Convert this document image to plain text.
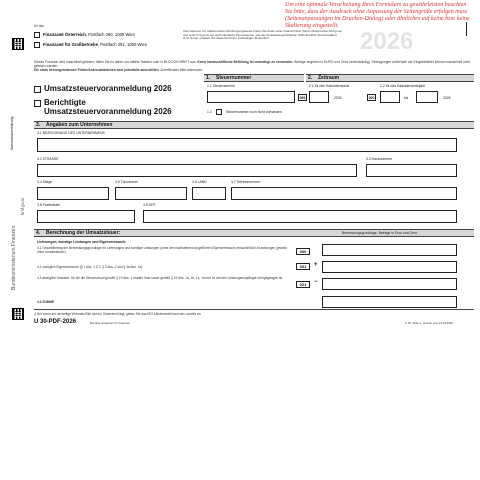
Datenschutzerklärung
bmf.gv.at
Bundesministerium Finanzen
An das
Finanzamt Österreich, Postfach 260, 1000 Wien
Finanzamt für Großbetriebe, Postfach 251, 1000 Wien
Informationen zur elektronischen Einbringungsweise finden Sie direkt unter FinanzOnline (https://finanzonline.bmf.gv.at) und unter bmf.gv.at, wo auch sämtliche Informationen, wie die Umsatzsteuerrichtlinien 2000 abrufbar (downloadbar) sind. Sonst, erhalten Sie diese bei Ihrem zuständigen Finanzamt.	2026
Um eine optimale Verarbeitung Ihres Formulars zu gewährleisten beachten Sie bitte, dass der Ausdruck ohne Anpassung der Seitengröße erfolgen muss (Seitenanpassungen im Drucken-Dialog) oder ähnliches auf keine bzw. keine Skalierung eingestellt.
Dieses Formular wird maschinell gelesen; füllen Sie es daher nur mittels Tastatur oder in BLOCKSCHRIFT aus. Keine handschriftliche Befüllung ist unbedingt zu vermeiden. Beträge angeben in EURO und Cent (rechtsbündig). Eintragungen außerhalb der Eingabefelder können maschinell nicht gelesen werden.
Die stark hervorgehobenen Felder/Ankreuzkästchen sind jedenfalls auszufüllen. Zutreffendes bitte ankreuzen.
Umsatzsteuervoranmeldung 2026
Berichtigte
Umsatzsteuervoranmeldung 2026
1. Steuernummer
1.1 Steuernummer
000
1.2	Steuernummer noch nicht vorhanden
2. Zeitraum
2.1 für den Kalendermonat	2.2 für das Kalendervierteljahr
2026	000	bis	2026
3. Angaben zum Unternehmen
3.1 BEZEICHNUNG DES UNTERNEHMENS
3.2 STRASSE	3.3 Hausnummer
3.4 Stiege	3.5 Türnummer	3.6 LAND	3.7 Telefonnummer
3.8 Postleitzahl	3.9 ORT
4. Berechnung der Umsatzsteuer:	Bemessungsgrundlage, Beträge in Euro und Cent
Lieferungen, sonstige Leistungen und Eigenverbrauch:
4.1 Gesamtbetrag der Bemessungsgrundlage für Lieferungen und sonstige Leistungen (ohne den nachstehend angeführten Eigenverbrauch) einschließlich Anzahlungen (jeweils ohne Umsatzsteuer)	000
4.2 zuzüglich Eigenverbrauch (§ 1 Abs. 1 Z 2, § 3 Abs. 2 und § 3a Abs. 1a)	001	+
4.3 abzüglich Umsätze, für die die Steuerschuld gemäß § 19 Abs. 1 zweiter Satz sowie gemäß § 19 Abs. 1a, 1b, 1c, 1d und 1e auf den Leistungsempfänger übergegangen ist
021	−
4.4 SUMME
¹) Nur wenn der derzeitige Wohnsitz/Sitz nicht in Österreich liegt, geben Sie das ISO-Ländercode/Land des Landes an.
U 30-PDF-2026	Bundesministerium für Finanzen	U 30, Seite 1, Version vom 12.03.2026
